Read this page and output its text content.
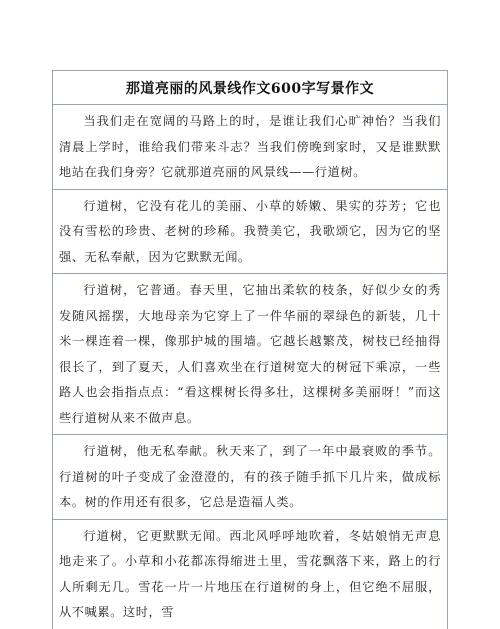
那道亮丽的风景线作文600字写景作文
当我们走在宽阔的马路上的时，是谁让我们心旷神怡？当我们清晨上学时，谁给我们带来斗志？当我们傍晚到家时，又是谁默默地站在我们身旁？它就那道亮丽的风景线——行道树。
行道树，它没有花儿的美丽、小草的娇嫩、果实的芬芳；它也没有雪松的珍贵、老树的珍稀。我赞美它，我歌颂它，因为它的坚强、无私奉献，因为它默默无闻。
行道树，它普通。春天里，它抽出柔软的枝条，好似少女的秀发随风摇摆，大地母亲为它穿上了一件华丽的翠绿色的新装，几十米一棵连着一棵，像那护城的围墙。它越长越繁茂，树枝已经抽得很长了，到了夏天，人们喜欢坐在行道树宽大的树冠下乘凉，一些路人也会指指点点：“看这棵树长得多壮，这棵树多美丽呀！”而这些行道树从来不做声息。
行道树，他无私奉献。秋天来了，到了一年中最衰败的季节。行道树的叶子变成了金澄澄的，有的孩子随手抓下几片来，做成标本。树的作用还有很多，它总是造福人类。
行道树，它更默默无闻。西北风呼呼地吹着，冬姑娘悄无声息地走来了。小草和小花都冻得缩进土里，雪花飘落下来，路上的行人所剩无几。雪花一片一片地压在行道树的身上，但它绝不屈服，从不喊累。这时，雪
